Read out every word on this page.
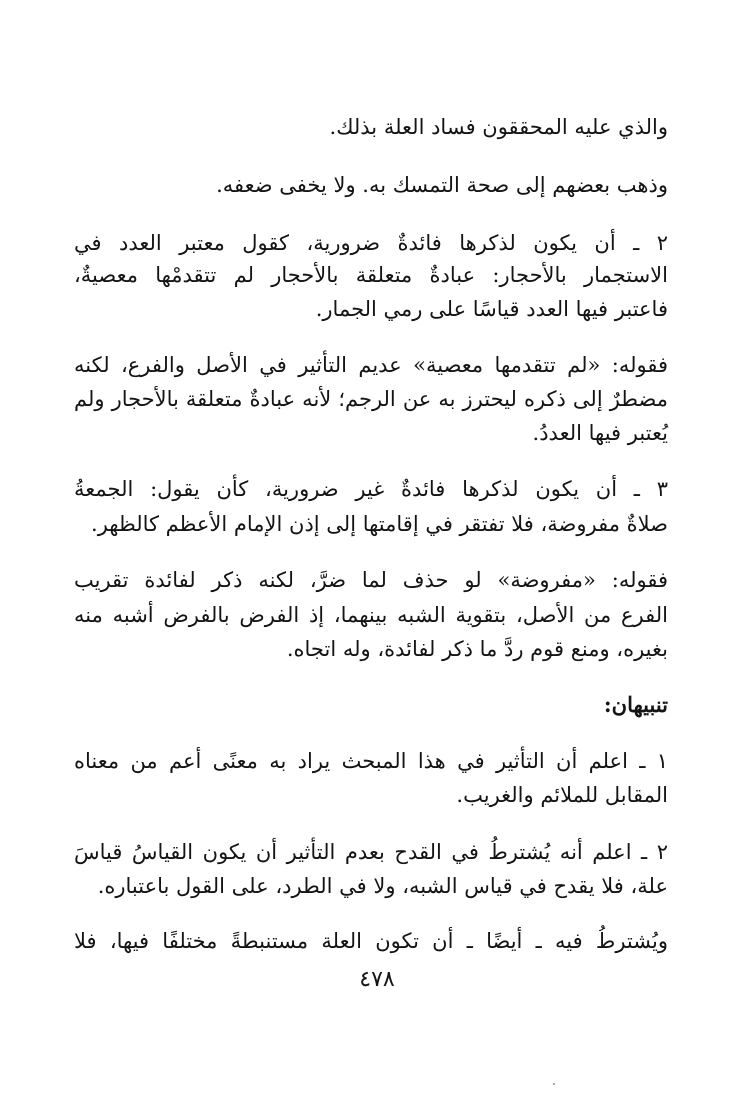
والذي عليه المحققون فساد العلة بذلك.
وذهب بعضهم إلى صحة التمسك به. ولا يخفى ضعفه.
٢ ـ أن يكون لذكرها فائدةٌ ضرورية، كقول معتبر العدد في
الاستجمار بالأحجار: عبادةٌ متعلقة بالأحجار لم تتقدمْها معصيةٌ،
فاعتبر فيها العدد قياسًا على رمي الجمار.
فقوله: «لم تتقدمها معصية» عديم التأثير في الأصل والفرع، لكنه
مضطرٌ إلى ذكره ليحترز به عن الرجم؛ لأنه عبادةٌ متعلقة بالأحجار ولم
يُعتبر فيها العددُ.
٣ ـ أن يكون لذكرها فائدةٌ غير ضرورية، كأن يقول: الجمعةُ
صلاةٌ مفروضة، فلا تفتقر في إقامتها إلى إذن الإمام الأعظم كالظهر.
فقوله: «مفروضة» لو حذف لما ضرَّ، لكنه ذكر لفائدة تقريب
الفرع من الأصل، بتقوية الشبه بينهما، إذ الفرض بالفرض أشبه منه
بغيره، ومنع قوم ردَّ ما ذكر لفائدة، وله اتجاه.
تنبيهان:
١ ـ اعلم أن التأثير في هذا المبحث يراد به معنًى أعم من معناه
المقابل للملائم والغريب.
٢ ـ اعلم أنه يُشترطُ في القدح بعدم التأثير أن يكون القياسُ قياسَ
علة، فلا يقدح في قياس الشبه، ولا في الطرد، على القول باعتباره.
ويُشترطُ فيه ـ أيضًا ـ أن تكون العلة مستنبطةً مختلفًا فيها، فلا
٤٧٨
